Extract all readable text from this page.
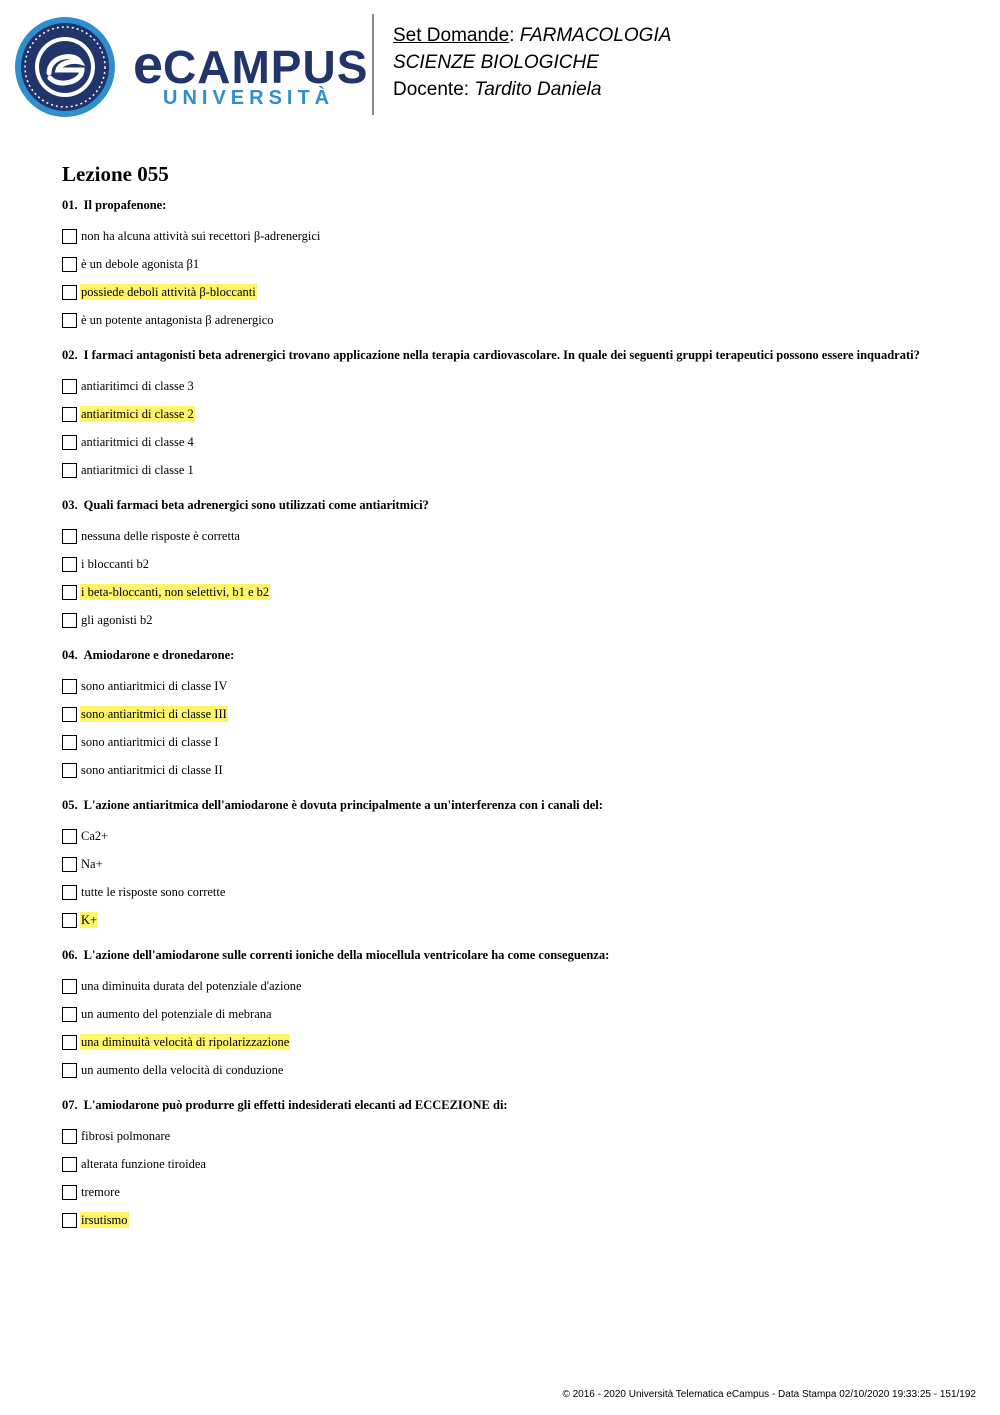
eCAMPUS
UNIVERSITÀ
Set Domande: FARMACOLOGIA
SCIENZE BIOLOGICHE
Docente: Tardito Daniela
Lezione 055
01. Il propafenone:
non ha alcuna attività sui recettori β-adrenergici
è un debole agonista β1
possiede deboli attività β-bloccanti
è un potente antagonista β adrenergico
02. I farmaci antagonisti beta adrenergici trovano applicazione nella terapia cardiovascolare. In quale dei seguenti gruppi terapeutici possono essere inquadrati?
antiaritimci di classe 3
antiaritmici di classe 2
antiaritmici di classe 4
antiaritmici di classe 1
03. Quali farmaci beta adrenergici sono utilizzati come antiaritmici?
nessuna delle risposte è corretta
i bloccanti b2
i beta-bloccanti, non selettivi, b1 e b2
gli agonisti b2
04. Amiodarone e dronedarone:
sono antiaritmici di classe IV
sono antiaritmici di classe III
sono antiaritmici di classe I
sono antiaritmici di classe II
05. L'azione antiaritmica dell'amiodarone è dovuta principalmente a un'interferenza con i canali del:
Ca2+
Na+
tutte le risposte sono corrette
K+
06. L'azione dell'amiodarone sulle correnti ioniche della miocellula ventricolare ha come conseguenza:
una diminuita durata del potenziale d'azione
un aumento del potenziale di mebrana
una diminuità velocità di ripolarizzazione
un aumento della velocità di conduzione
07. L'amiodarone può produrre gli effetti indesiderati elecanti ad ECCEZIONE di:
fibrosi polmonare
alterata funzione tiroidea
tremore
irsutismo
© 2016 - 2020 Università Telematica eCampus - Data Stampa 02/10/2020 19:33:25 - 151/192
